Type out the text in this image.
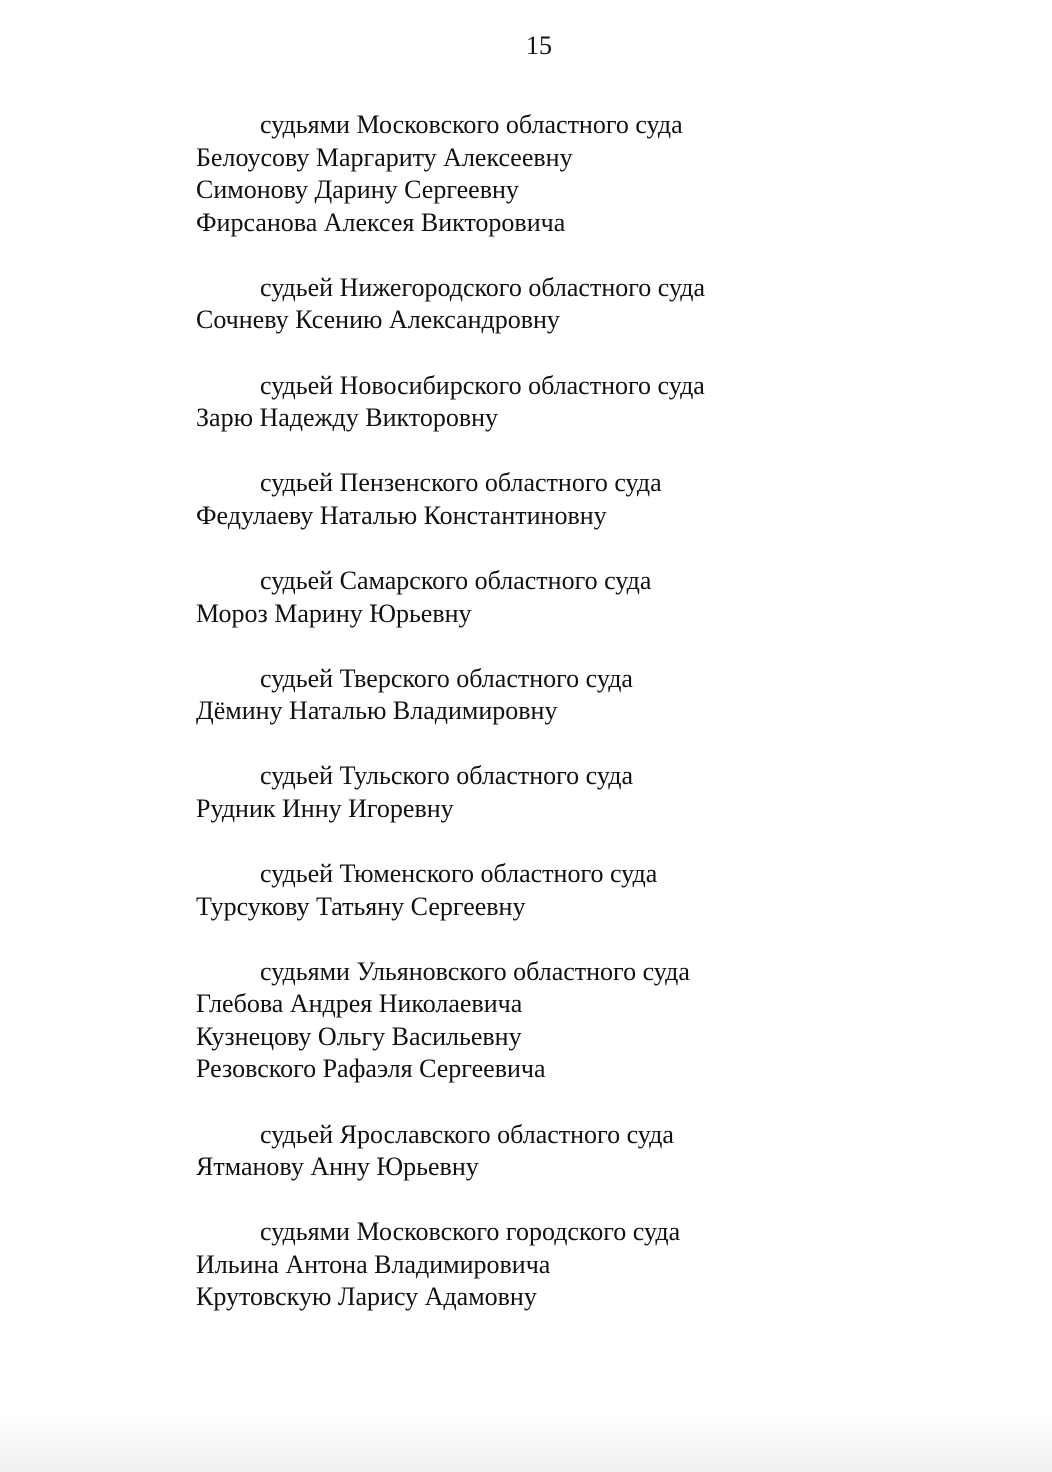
15
судьями Московского областного суда
Белоусову Маргариту Алексеевну
Симонову Дарину Сергеевну
Фирсанова Алексея Викторовича
судьей Нижегородского областного суда
Сочневу Ксению Александровну
судьей Новосибирского областного суда
Зарю Надежду Викторовну
судьей Пензенского областного суда
Федулаеву Наталью Константиновну
судьей Самарского областного суда
Мороз Марину Юрьевну
судьей Тверского областного суда
Дёмину Наталью Владимировну
судьей Тульского областного суда
Рудник Инну Игоревну
судьей Тюменского областного суда
Турсукову Татьяну Сергеевну
судьями Ульяновского областного суда
Глебова Андрея Николаевича
Кузнецову Ольгу Васильевну
Резовского Рафаэля Сергеевича
судьей Ярославского областного суда
Ятманову Анну Юрьевну
судьями Московского городского суда
Ильина Антона Владимировича
Крутовскую Ларису Адамовну
